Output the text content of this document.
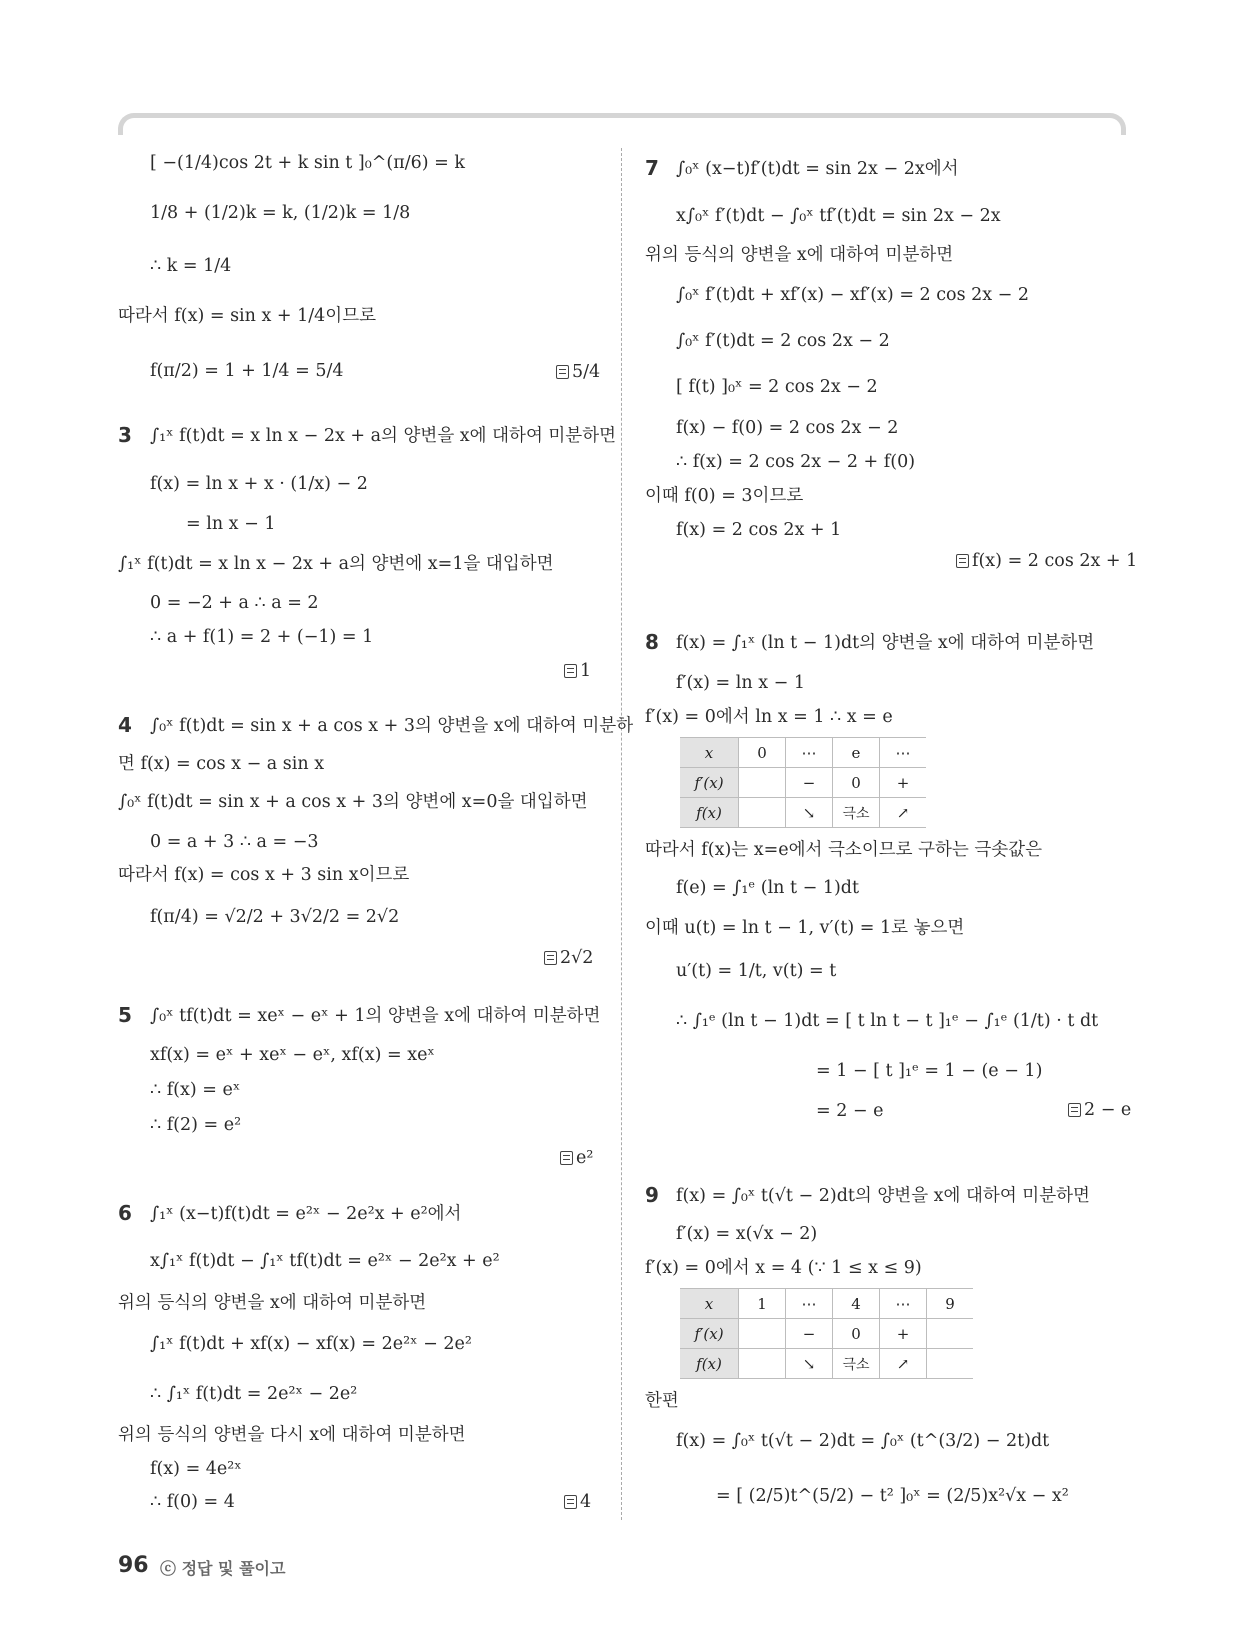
[ −(1/4)cos 2t + k sin t ]₀^(π/6) = k
1/8 + (1/2)k = k, (1/2)k = 1/8
∴ k = 1/4
따라서 f(x) = sin x + 1/4이므로
f(π/2) = 1 + 1/4 = 5/4	5/4
3 ∫₁ˣ f(t)dt = x ln x − 2x + a의 양변을 x에 대하여 미분하면
f(x) = ln x + x · (1/x) − 2
= ln x − 1
∫₁ˣ f(t)dt = x ln x − 2x + a의 양변에 x=1을 대입하면
0 = −2 + a ∴ a = 2
∴ a + f(1) = 2 + (−1) = 1
1
4 ∫₀ˣ f(t)dt = sin x + a cos x + 3의 양변을 x에 대하여 미분하
면 f(x) = cos x − a sin x
∫₀ˣ f(t)dt = sin x + a cos x + 3의 양변에 x=0을 대입하면
0 = a + 3 ∴ a = −3
따라서 f(x) = cos x + 3 sin x이므로
f(π/4) = √2/2 + 3√2/2 = 2√2
2√2
5 ∫₀ˣ tf(t)dt = xeˣ − eˣ + 1의 양변을 x에 대하여 미분하면
xf(x) = eˣ + xeˣ − eˣ, xf(x) = xeˣ
∴ f(x) = eˣ
∴ f(2) = e²
e²
6 ∫₁ˣ (x−t)f(t)dt = e²ˣ − 2e²x + e²에서
x∫₁ˣ f(t)dt − ∫₁ˣ tf(t)dt = e²ˣ − 2e²x + e²
위의 등식의 양변을 x에 대하여 미분하면
∫₁ˣ f(t)dt + xf(x) − xf(x) = 2e²ˣ − 2e²
∴ ∫₁ˣ f(t)dt = 2e²ˣ − 2e²
위의 등식의 양변을 다시 x에 대하여 미분하면
f(x) = 4e²ˣ
∴ f(0) = 4	4
7 ∫₀ˣ (x−t)f′(t)dt = sin 2x − 2x에서
x∫₀ˣ f′(t)dt − ∫₀ˣ tf′(t)dt = sin 2x − 2x
위의 등식의 양변을 x에 대하여 미분하면
∫₀ˣ f′(t)dt + xf′(x) − xf′(x) = 2 cos 2x − 2
∫₀ˣ f′(t)dt = 2 cos 2x − 2
[ f(t) ]₀ˣ = 2 cos 2x − 2
f(x) − f(0) = 2 cos 2x − 2
∴ f(x) = 2 cos 2x − 2 + f(0)
이때 f(0) = 3이므로
f(x) = 2 cos 2x + 1
f(x) = 2 cos 2x + 1
8 f(x) = ∫₁ˣ (ln t − 1)dt의 양변을 x에 대하여 미분하면
f′(x) = ln x − 1
f′(x) = 0에서 ln x = 1 ∴ x = e
x	0	⋯	e	⋯
f′(x)		−	0	+
f(x)		↘	극소	↗
따라서 f(x)는 x=e에서 극소이므로 구하는 극솟값은
f(e) = ∫₁ᵉ (ln t − 1)dt
이때 u(t) = ln t − 1, v′(t) = 1로 놓으면
u′(t) = 1/t, v(t) = t
∴ ∫₁ᵉ (ln t − 1)dt = [ t ln t − t ]₁ᵉ − ∫₁ᵉ (1/t) · t dt
= 1 − [ t ]₁ᵉ = 1 − (e − 1)
= 2 − e	2 − e
9 f(x) = ∫₀ˣ t(√t − 2)dt의 양변을 x에 대하여 미분하면
f′(x) = x(√x − 2)
f′(x) = 0에서 x = 4 (∵ 1 ≤ x ≤ 9)
x	1	⋯	4	⋯	9
f′(x)		−	0	+	
f(x)		↘	극소	↗	
한편
f(x) = ∫₀ˣ t(√t − 2)dt = ∫₀ˣ (t^(3/2) − 2t)dt
= [ (2/5)t^(5/2) − t² ]₀ˣ = (2/5)x²√x − x²
96 ⓒ 정답 및 풀이고
